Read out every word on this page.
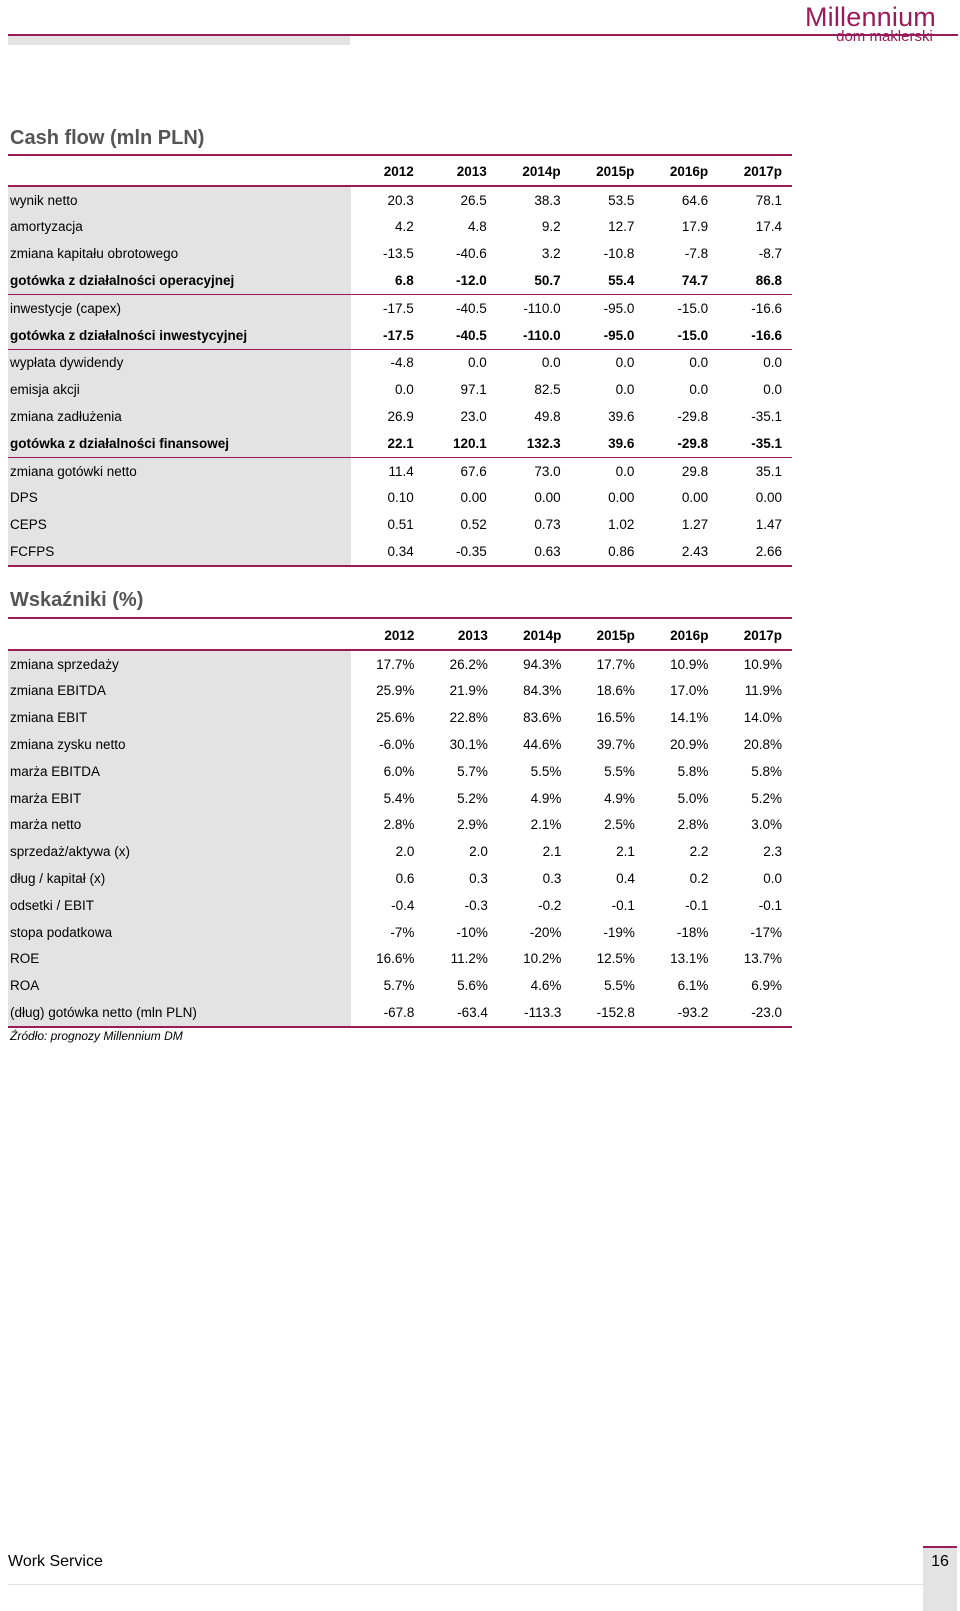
Millennium
dom maklerski
Cash flow (mln PLN)
	2012	2013	2014p	2015p	2016p	2017p
wynik netto	20.3	26.5	38.3	53.5	64.6	78.1
amortyzacja	4.2	4.8	9.2	12.7	17.9	17.4
zmiana kapitału obrotowego	-13.5	-40.6	3.2	-10.8	-7.8	-8.7
gotówka z działalności operacyjnej	6.8	-12.0	50.7	55.4	74.7	86.8
inwestycje (capex)	-17.5	-40.5	-110.0	-95.0	-15.0	-16.6
gotówka z działalności inwestycyjnej	-17.5	-40.5	-110.0	-95.0	-15.0	-16.6
wypłata dywidendy	-4.8	0.0	0.0	0.0	0.0	0.0
emisja akcji	0.0	97.1	82.5	0.0	0.0	0.0
zmiana zadłużenia	26.9	23.0	49.8	39.6	-29.8	-35.1
gotówka z działalności finansowej	22.1	120.1	132.3	39.6	-29.8	-35.1
zmiana gotówki netto	11.4	67.6	73.0	0.0	29.8	35.1
DPS	0.10	0.00	0.00	0.00	0.00	0.00
CEPS	0.51	0.52	0.73	1.02	1.27	1.47
FCFPS	0.34	-0.35	0.63	0.86	2.43	2.66
Wskaźniki (%)
	2012	2013	2014p	2015p	2016p	2017p
zmiana sprzedaży	17.7%	26.2%	94.3%	17.7%	10.9%	10.9%
zmiana EBITDA	25.9%	21.9%	84.3%	18.6%	17.0%	11.9%
zmiana EBIT	25.6%	22.8%	83.6%	16.5%	14.1%	14.0%
zmiana zysku netto	-6.0%	30.1%	44.6%	39.7%	20.9%	20.8%
marża EBITDA	6.0%	5.7%	5.5%	5.5%	5.8%	5.8%
marża EBIT	5.4%	5.2%	4.9%	4.9%	5.0%	5.2%
marża netto	2.8%	2.9%	2.1%	2.5%	2.8%	3.0%
sprzedaż/aktywa (x)	2.0	2.0	2.1	2.1	2.2	2.3
dług / kapitał (x)	0.6	0.3	0.3	0.4	0.2	0.0
odsetki / EBIT	-0.4	-0.3	-0.2	-0.1	-0.1	-0.1
stopa podatkowa	-7%	-10%	-20%	-19%	-18%	-17%
ROE	16.6%	11.2%	10.2%	12.5%	13.1%	13.7%
ROA	5.7%	5.6%	4.6%	5.5%	6.1%	6.9%
(dług) gotówka netto (mln PLN)	-67.8	-63.4	-113.3	-152.8	-93.2	-23.0
Źródło: prognozy Millennium DM
Work Service	16
